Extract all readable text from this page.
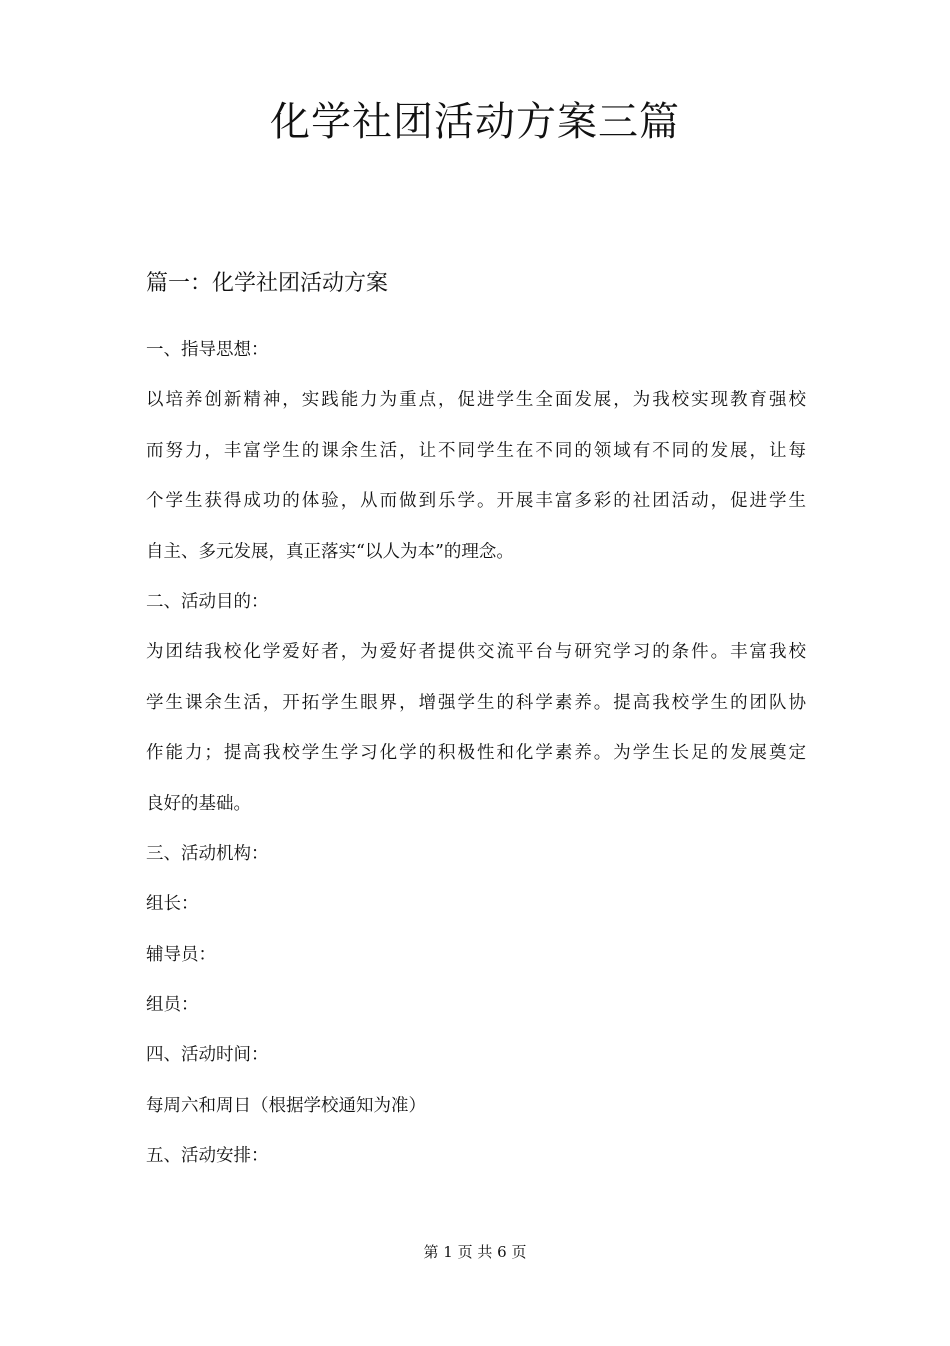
化学社团活动方案三篇
篇一：化学社团活动方案
一、指导思想：
以培养创新精神，实践能力为重点，促进学生全面发展，为我校实现教育强校
而努力，丰富学生的课余生活，让不同学生在不同的领域有不同的发展，让每
个学生获得成功的体验，从而做到乐学。开展丰富多彩的社团活动，促进学生
自主、多元发展，真正落实“以人为本”的理念。
二、活动目的：
为团结我校化学爱好者，为爱好者提供交流平台与研究学习的条件。丰富我校
学生课余生活，开拓学生眼界，增强学生的科学素养。提高我校学生的团队协
作能力；提高我校学生学习化学的积极性和化学素养。为学生长足的发展奠定
良好的基础。
三、活动机构：
组长：
辅导员：
组员：
四、活动时间：
每周六和周日（根据学校通知为准）
五、活动安排：
第 1 页 共 6 页
